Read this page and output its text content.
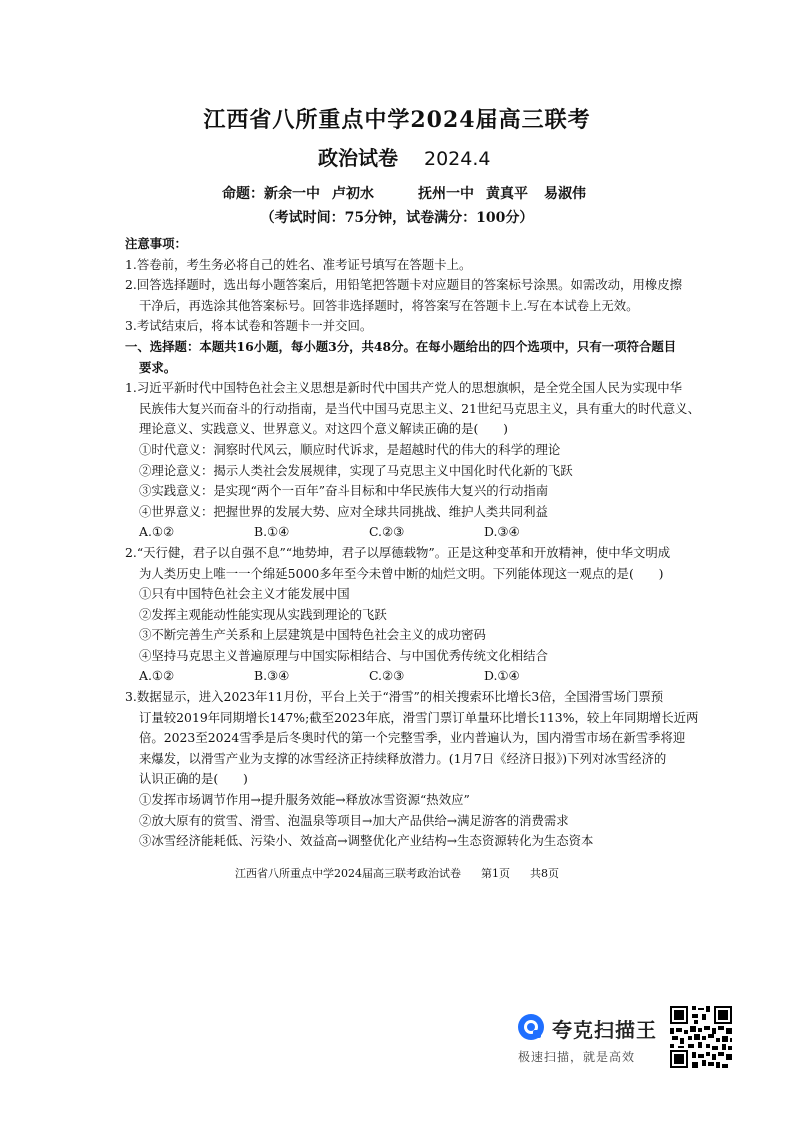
江西省八所重点中学2024届高三联考
政治试卷 2024.4
命题：新余一中 卢初水	抚州一中 黄真平 易淑伟
（考试时间：75分钟，试卷满分：100分）
注意事项：
1.答卷前，考生务必将自己的姓名、准考证号填写在答题卡上。
2.回答选择题时，选出每小题答案后，用铅笔把答题卡对应题目的答案标号涂黑。如需改动，用橡皮擦
干净后，再选涂其他答案标号。回答非选择题时，将答案写在答题卡上.写在本试卷上无效。
3.考试结束后，将本试卷和答题卡一并交回。
一、选择题：本题共16小题，每小题3分，共48分。在每小题给出的四个选项中，只有一项符合题目
要求。
1.习近平新时代中国特色社会主义思想是新时代中国共产党人的思想旗帜，是全党全国人民为实现中华
民族伟大复兴而奋斗的行动指南，是当代中国马克思主义、21世纪马克思主义，具有重大的时代意义、
理论意义、实践意义、世界意义。对这四个意义解读正确的是(　　)
①时代意义：洞察时代风云，顺应时代诉求，是超越时代的伟大的科学的理论
②理论意义：揭示人类社会发展规律，实现了马克思主义中国化时代化新的飞跃
③实践意义：是实现“两个一百年”奋斗目标和中华民族伟大复兴的行动指南
④世界意义：把握世界的发展大势、应对全球共同挑战、维护人类共同利益
A.①②	B.①④	C.②③	D.③④
2.“天行健，君子以自强不息”“地势坤，君子以厚德载物”。正是这种变革和开放精神，使中华文明成
为人类历史上唯一一个绵延5000多年至今未曾中断的灿烂文明。下列能体现这一观点的是(　　)
①只有中国特色社会主义才能发展中国
②发挥主观能动性能实现从实践到理论的飞跃
③不断完善生产关系和上层建筑是中国特色社会主义的成功密码
④坚持马克思主义普遍原理与中国实际相结合、与中国优秀传统文化相结合
A.①②	B.③④	C.②③	D.①④
3.数据显示，进入2023年11月份，平台上关于“滑雪”的相关搜索环比增长3倍，全国滑雪场门票预
订量较2019年同期增长147%;截至2023年底，滑雪门票订单量环比增长113%，较上年同期增长近两
倍。2023至2024雪季是后冬奥时代的第一个完整雪季，业内普遍认为，国内滑雪市场在新雪季将迎
来爆发，以滑雪产业为支撑的冰雪经济正持续释放潜力。(1月7日《经济日报》)下列对冰雪经济的
认识正确的是(　　)
①发挥市场调节作用→提升服务效能→释放冰雪资源“热效应”
②放大原有的赏雪、滑雪、泡温泉等项目→加大产品供给→满足游客的消费需求
③冰雪经济能耗低、污染小、效益高→调整优化产业结构→生态资源转化为生态资本
江西省八所重点中学2024届高三联考政治试卷 第1页 共8页
夸克扫描王
极速扫描，就是高效
